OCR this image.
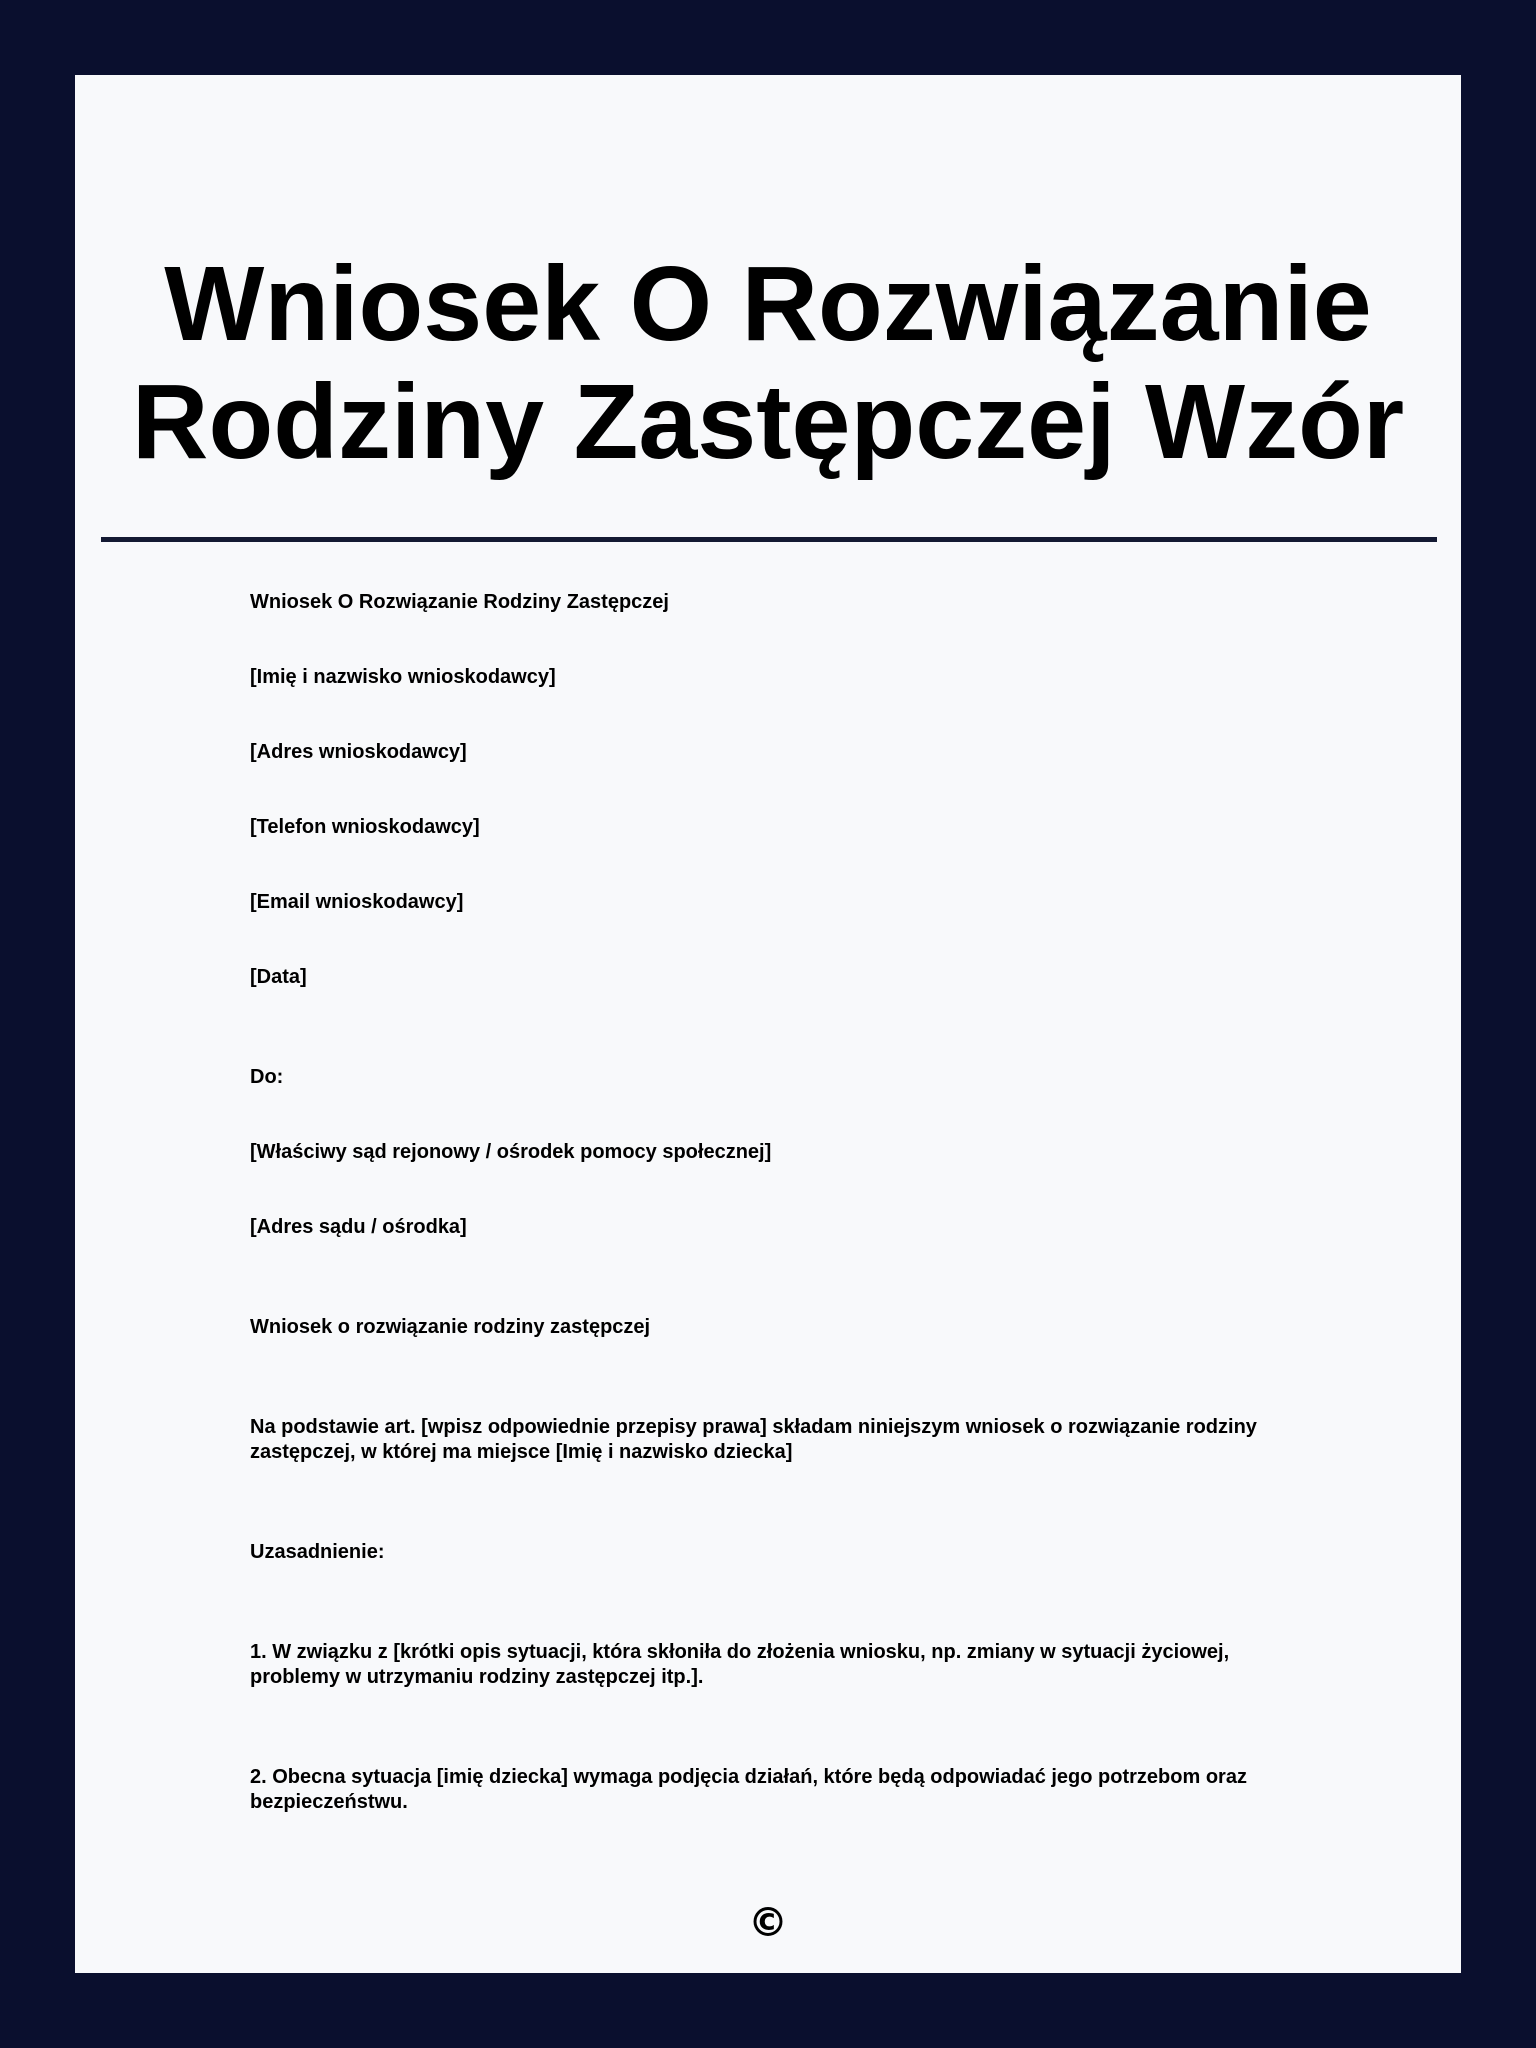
Wniosek O Rozwiązanie Rodziny Zastępczej Wzór

Wniosek O Rozwiązanie Rodziny Zastępczej

[Imię i nazwisko wnioskodawcy]

[Adres wnioskodawcy]

[Telefon wnioskodawcy]

[Email wnioskodawcy]

[Data]

Do:

[Właściwy sąd rejonowy / ośrodek pomocy społecznej]

[Adres sądu / ośrodka]

Wniosek o rozwiązanie rodziny zastępczej

Na podstawie art. [wpisz odpowiednie przepisy prawa] składam niniejszym wniosek o rozwiązanie rodziny zastępczej, w której ma miejsce [Imię i nazwisko dziecka]

Uzasadnienie:

1. W związku z [krótki opis sytuacji, która skłoniła do złożenia wniosku, np. zmiany w sytuacji życiowej, problemy w utrzymaniu rodziny zastępczej itp.].

2. Obecna sytuacja [imię dziecka] wymaga podjęcia działań, które będą odpowiadać jego potrzebom oraz bezpieczeństwu.

©
